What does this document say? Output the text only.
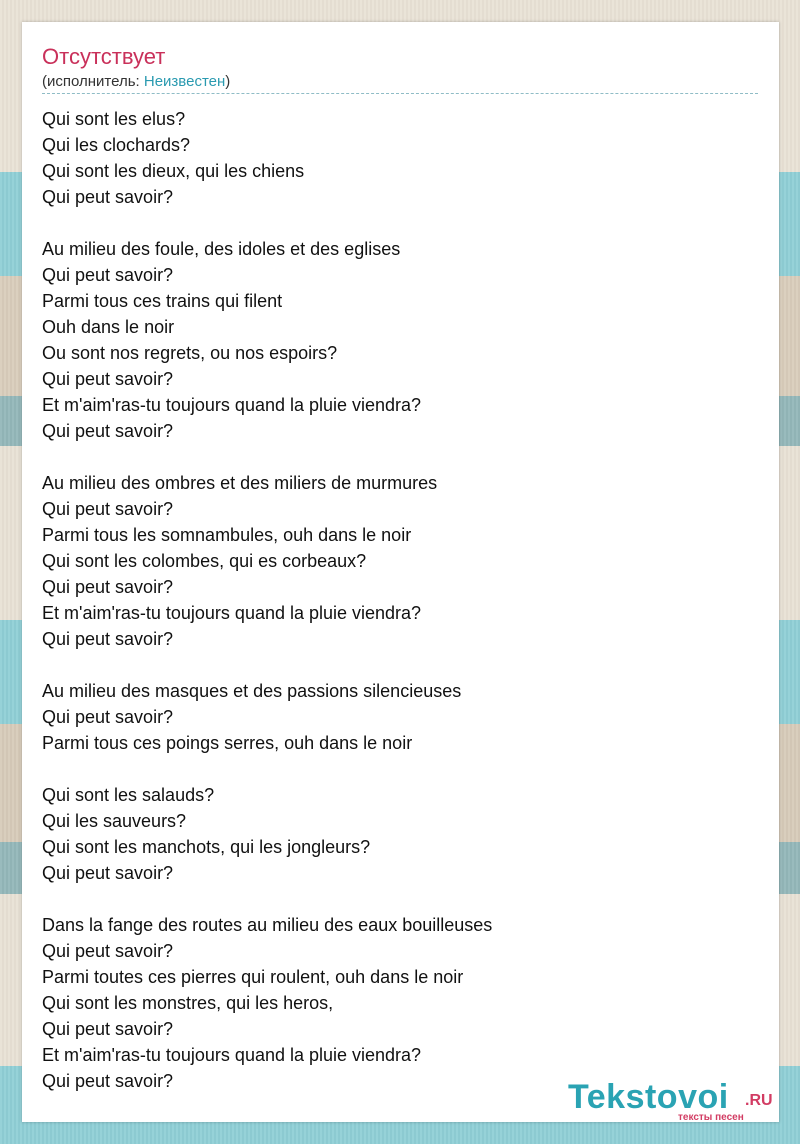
Отсутствует
(исполнитель: Неизвестен)
Qui sont les elus?
Qui les clochards?
Qui sont les dieux, qui les chiens
Qui peut savoir?

Au milieu des foule, des idoles et des eglises
Qui peut savoir?
Parmi tous ces trains qui filent
Ouh dans le noir
Ou sont nos regrets, ou nos espoirs?
Qui peut savoir?
Et m'aim'ras-tu toujours quand la pluie viendra?
Qui peut savoir?

Au milieu des ombres et des miliers de murmures
Qui peut savoir?
Parmi tous les somnambules, ouh dans le noir
Qui sont les colombes, qui es corbeaux?
Qui peut savoir?
Et m'aim'ras-tu toujours quand la pluie viendra?
Qui peut savoir?

Au milieu des masques et des passions silencieuses
Qui peut savoir?
Parmi tous ces poings serres, ouh dans le noir

Qui sont les salauds?
Qui les sauveurs?
Qui sont les manchots, qui les jongleurs?
Qui peut savoir?

Dans la fange des routes au milieu des eaux bouilleuses
Qui peut savoir?
Parmi toutes ces pierres qui roulent, ouh dans le noir
Qui sont les monstres, qui les heros,
Qui peut savoir?
Et m'aim'ras-tu toujours quand la pluie viendra?
Qui peut savoir?	Tekstovoi .RU
тексты песен
